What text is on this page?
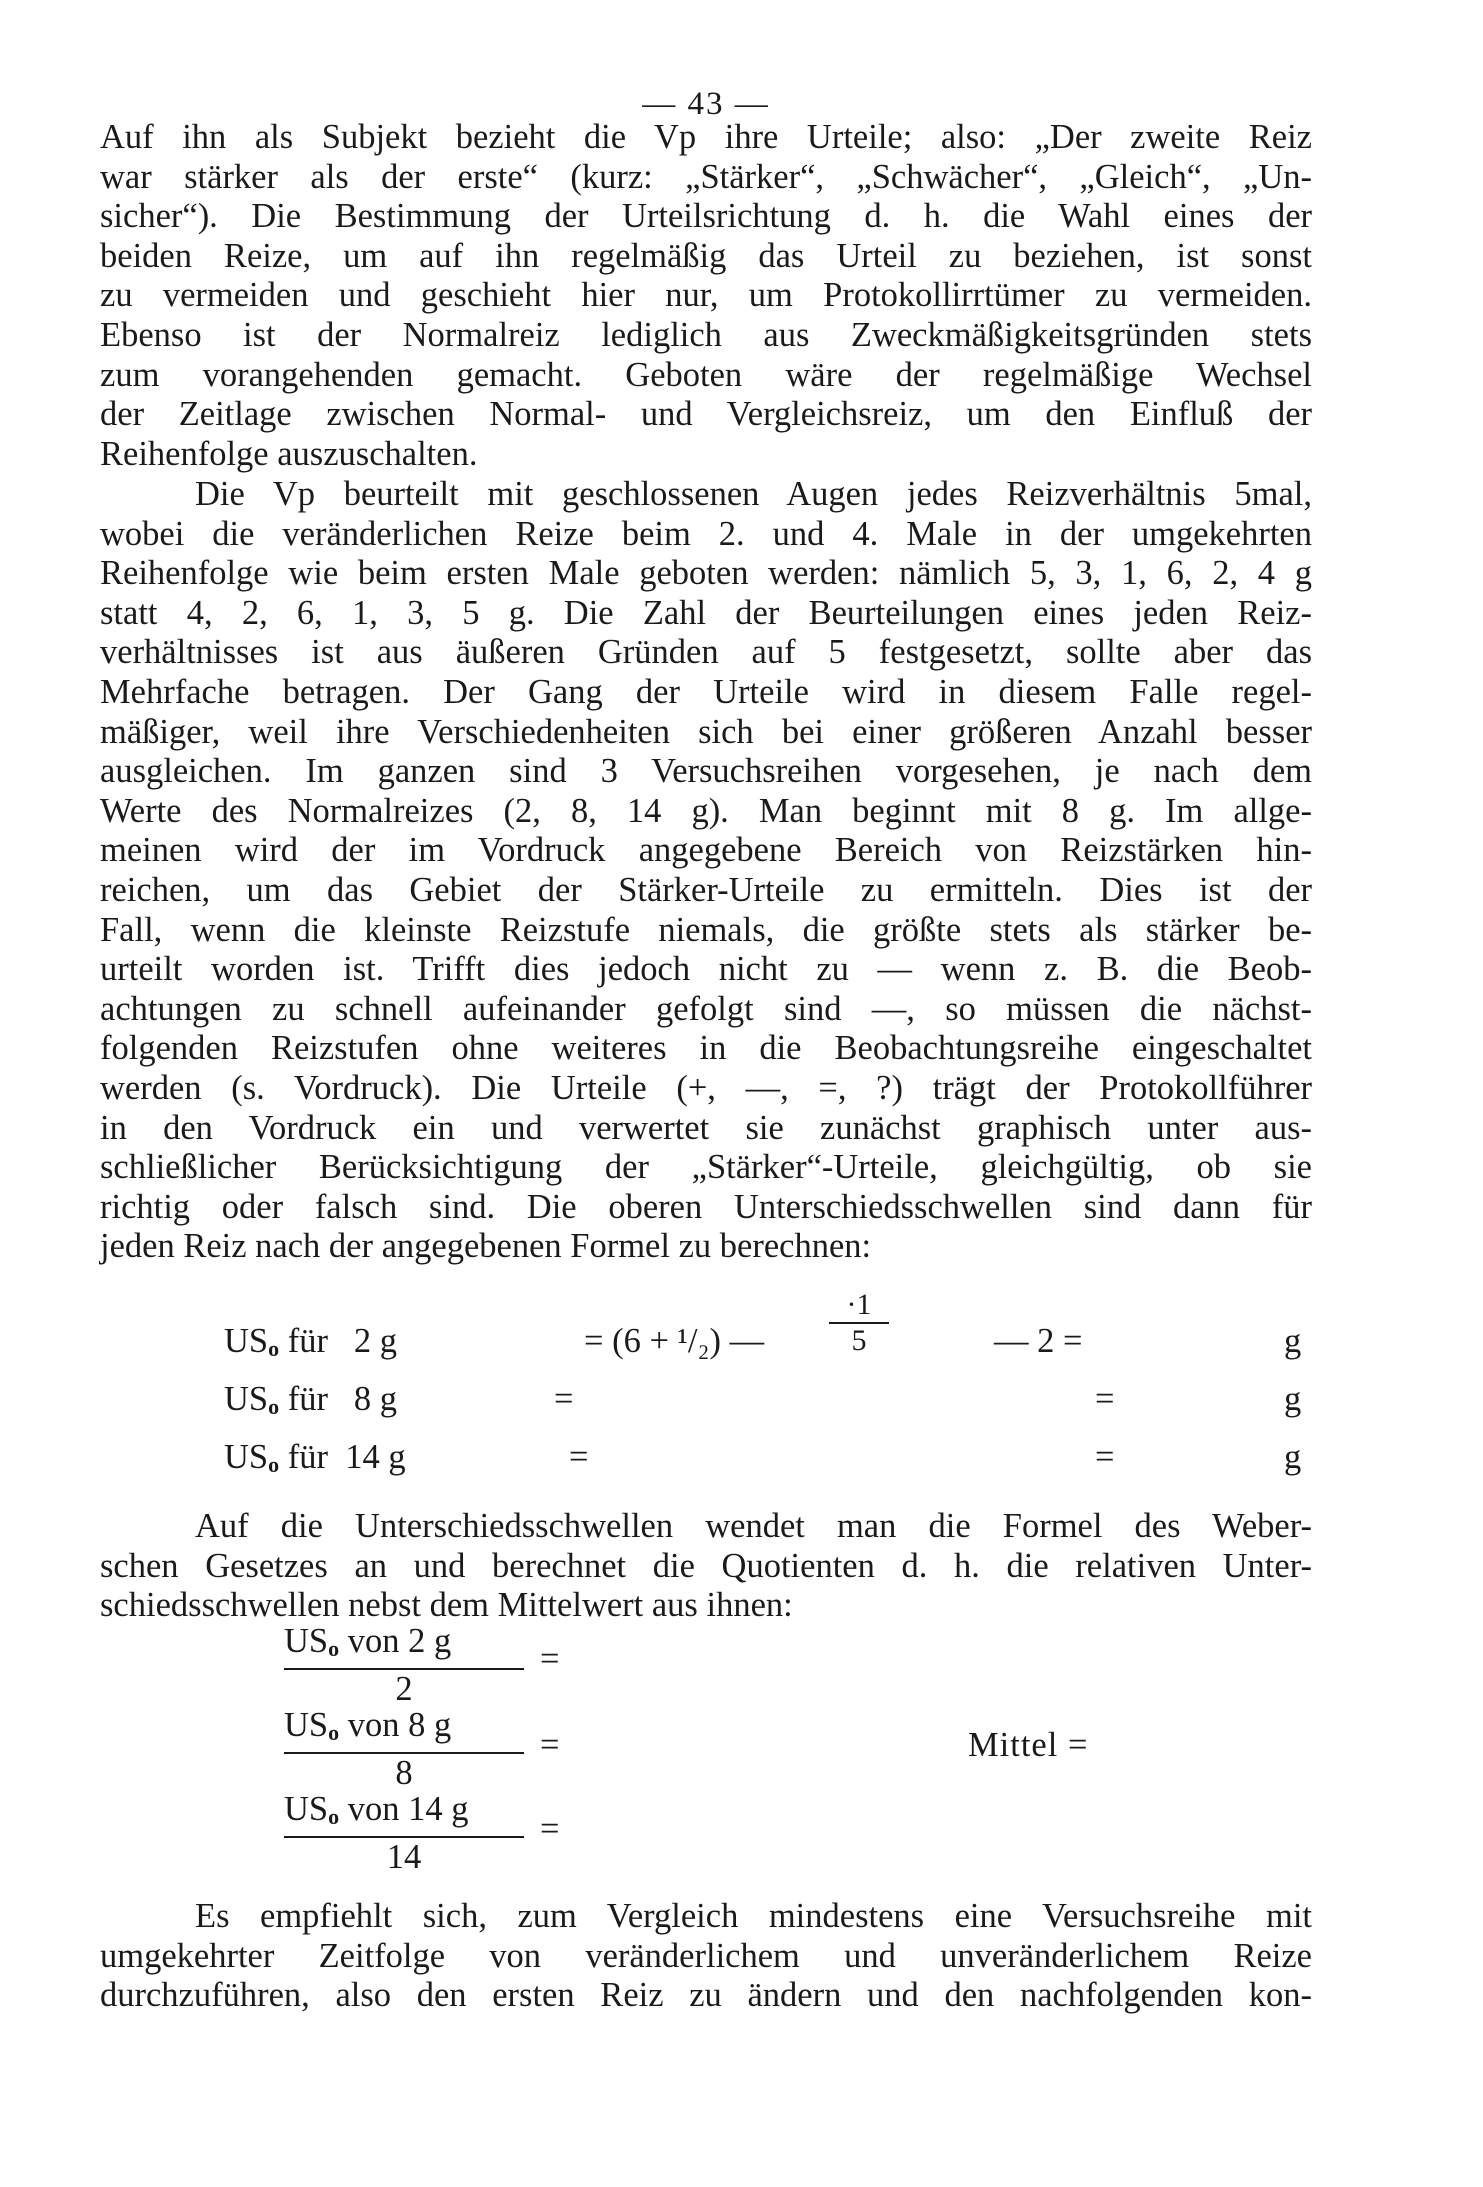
— 43 —
Auf ihn als Subjekt bezieht die Vp ihre Urteile; also: „Der zweite Reiz
war stärker als der erste“ (kurz: „Stärker“, „Schwächer“, „Gleich“, „Un-
sicher“). Die Bestimmung der Urteilsrichtung d. h. die Wahl eines der
beiden Reize, um auf ihn regelmäßig das Urteil zu beziehen, ist sonst
zu vermeiden und geschieht hier nur, um Protokollirrtümer zu vermeiden.
Ebenso ist der Normalreiz lediglich aus Zweckmäßigkeitsgründen stets
zum vorangehenden gemacht. Geboten wäre der regelmäßige Wechsel
der Zeitlage zwischen Normal- und Vergleichsreiz, um den Einfluß der
Reihenfolge auszuschalten.
Die Vp beurteilt mit geschlossenen Augen jedes Reizverhältnis 5mal,
wobei die veränderlichen Reize beim 2. und 4. Male in der umgekehrten
Reihenfolge wie beim ersten Male geboten werden: nämlich 5, 3, 1, 6, 2, 4 g
statt 4, 2, 6, 1, 3, 5 g. Die Zahl der Beurteilungen eines jeden Reiz-
verhältnisses ist aus äußeren Gründen auf 5 festgesetzt, sollte aber das
Mehrfache betragen. Der Gang der Urteile wird in diesem Falle regel-
mäßiger, weil ihre Verschiedenheiten sich bei einer größeren Anzahl besser
ausgleichen. Im ganzen sind 3 Versuchsreihen vorgesehen, je nach dem
Werte des Normalreizes (2, 8, 14 g). Man beginnt mit 8 g. Im allge-
meinen wird der im Vordruck angegebene Bereich von Reizstärken hin-
reichen, um das Gebiet der Stärker-Urteile zu ermitteln. Dies ist der
Fall, wenn die kleinste Reizstufe niemals, die größte stets als stärker be-
urteilt worden ist. Trifft dies jedoch nicht zu — wenn z. B. die Beob-
achtungen zu schnell aufeinander gefolgt sind —, so müssen die nächst-
folgenden Reizstufen ohne weiteres in die Beobachtungsreihe eingeschaltet
werden (s. Vordruck). Die Urteile (+, —, =, ?) trägt der Protokollführer
in den Vordruck ein und verwertet sie zunächst graphisch unter aus-
schließlicher Berücksichtigung der „Stärker“-Urteile, gleichgültig, ob sie
richtig oder falsch sind. Die oberen Unterschiedsschwellen sind dann für
jeden Reiz nach der angegebenen Formel zu berechnen:
USo für 2 g	= (6 + ¹/₂) —
·1
5	— 2 =	g
USo für 8 g	=	=	g
USo für 14 g	=	=	g
Auf die Unterschiedsschwellen wendet man die Formel des Weber-
schen Gesetzes an und berechnet die Quotienten d. h. die relativen Unter-
schiedsschwellen nebst dem Mittelwert aus ihnen:
USo von 2 g
2
=
USo von 8 g
8
=	Mittel =
USo von 14 g
14
=
Es empfiehlt sich, zum Vergleich mindestens eine Versuchsreihe mit
umgekehrter Zeitfolge von veränderlichem und unveränderlichem Reize
durchzuführen, also den ersten Reiz zu ändern und den nachfolgenden kon-
